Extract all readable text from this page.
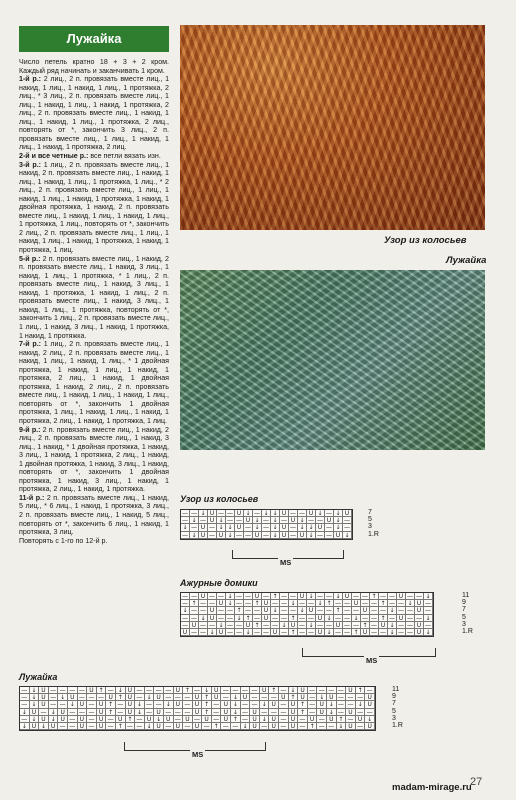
Лужайка

Число петель кратно 18 + 3 + 2 кром. Каждый ряд начинать и заканчивать 1 кром.

1-й р.: 2 лиц., 2 п. провязать вместе лиц., 1 накид, 1 лиц., 1 накид, 1 лиц., 1 протяжка, 2 лиц., * 3 лиц., 2 п. провязать вместе лиц., 1 лиц., 1 накид, 1 лиц., 1 накид, 1 протяжка, 2 лиц., 2 п. провязать вместе лиц., 1 накид, 1 лиц., 1 накид, 1 лиц., 1 протяжка, 2 лиц., повторять от *, закончить 3 лиц., 2 п. провязать вместе лиц., 1 лиц., 1 накид, 1 лиц., 1 накид, 1 протяжка, 2 лиц.

2-й и все четные р.: все петли вязать изн.

3-й р.: 1 лиц., 2 п. провязать вместе лиц., 1 накид, 2 п. провязать вместе лиц., 1 накид, 1 лиц., 1 накид, 1 лиц., 1 протяжка, 1 лиц., * 2 лиц., 2 п. провязать вместе лиц., 1 лиц., 1 накид, 1 лиц., 1 накид, 1 протяжка, 1 накид, 1 двойная протяжка, 1 накид, 2 п. провязать вместе лиц., 1 накид, 1 лиц., 1 накид, 1 лиц., 1 протяжка, 1 лиц., повторять от *, закончить 2 лиц., 2 п. провязать вместе лиц., 1 лиц., 1 накид, 1 лиц., 1 накид, 1 протяжка, 1 накид, 1 протяжка, 1 лиц.

5-й р.: 2 п. провязать вместе лиц., 1 накид, 2 п. провязать вместе лиц., 1 накид, 3 лиц., 1 накид, 1 лиц., 1 протяжка, * 1 лиц., 2 п. провязать вместе лиц., 1 накид, 3 лиц., 1 накид, 1 протяжка, 1 накид, 1 лиц., 2 п. провязать вместе лиц., 1 накид, 3 лиц., 1 накид, 1 лиц., 1 протяжка, повторять от *, закончить 1 лиц., 2 п. провязать вместе лиц., 1 лиц., 1 накид, 3 лиц., 1 накид, 1 протяжка, 1 накид, 1 протяжка.

7-й р.: 1 лиц., 2 п. провязать вместе лиц., 1 накид, 2 лиц., 2 п. провязать вместе лиц., 1 накид, 1 лиц., 1 накид, 1 лиц., * 1 двойная протяжка, 1 накид, 1 лиц., 1 накид, 1 протяжка, 2 лиц., 1 накид, 1 двойная протяжка, 1 накид, 2 лиц., 2 п. провязать вместе лиц., 1 накид, 1 лиц., 1 накид, 1 лиц., повторять от *, закончить 1 двойная протяжка, 1 лиц., 1 накид, 1 лиц., 1 накид, 1 протяжка, 2 лиц., 1 накид, 1 протяжка, 1 лиц.

9-й р.: 2 п. провязать вместе лиц., 1 накид, 2 лиц., 2 п. провязать вместе лиц., 1 накид, 3 лиц., 1 накид, * 1 двойная протяжка, 1 накид, 3 лиц., 1 накид, 1 протяжка, 2 лиц., 1 накид, 1 двойная протяжка, 1 накид, 3 лиц., 1 накид, повторять от *, закончить 1 двойная протяжка, 1 накид, 3 лиц., 1 накид, 1 протяжка, 2 лиц., 1 накид, 1 протяжка.

11-й р.: 2 п. провязать вместе лиц., 1 накид, 5 лиц., * 6 лиц., 1 накид, 1 протяжка, 3 лиц., 2 п. провязать вместе лиц., 1 накид, 5 лиц., повторять от *, закончить 6 лиц., 1 накид, 1 протяжка, 3 лиц.

Повторять с 1-го по 12-й р.

Узор из колосьев
Лужайка
Узор из колосьев
— — ↓ U — — U ↓ — ↓ ↓ U — — U ↓ — ↓ U
— ↓ — U ↓ — — U ↓ — ↓ — U ↓ — — U ↓ —
↓ — U — ↓ ↓ U — ↓ — ↓ U — ↓ ↓ U — ↓ —
— ↓ U — U ↓ — — U — ↓ U — U ↓ — — U ↓
7
5
3
1.R
MS
Ажурные домики
— — U — — ↓ — — U — ↑ — — U ↓ — — ↓ U — — ↑ — — U — — ↓
— ↑ — — U ↓ — — ↑ U — — ↓ — — ↓ ↑ — — U — — ↑ — — ↓ U —
↓ — — U — — ↑ — — U ↓ — — ↓ U — — ↑ — — U — — ↓ — — U —
— — ↓ U — — ↓ ↑ — U — — ↑ — — U ↓ — — ↓ — — ↑ — U — — ↓
— U — — ↓ — — U ↑ — — ↓ U — ↓ — — U — — ↑ — U ↓ — — U —
U — — ↓ U — — ↓ — — U — ↑ — — U ↓ — — ↑ U — — ↓ — — U ↓
11
9
7
5
3
1.R
MS
Лужайка
— ↓ U — — — — U ↑ — ↓ U — — — — U ↑ — ↓ U — — — — U ↑ — ↓ U — — — — U ↑ —
— ↓ U — ↓ U — — — U ↑ U — ↓ U — — — U ↑ U — ↓ U — — — U ↑ U — ↓ U — — — U
— ↓ U — — ↓ U — U ↑ — U ↓ — — ↓ U — U ↑ — U ↓ — — ↓ U — U ↑ — U ↓ — — ↓ U
↓ U — ↓ U — — — U ↑ — U ↓ — U — — — U ↑ — U ↓ — U — — — U ↑ — U ↓ — U — —
— ↓ U ↓ U — U — U — U ↑ — U ↓ U — U — U — U ↑ — U ↓ U — U — U — U ↑ — U ↓
↓ U ↓ U — — U — U — ↑ — — ↓ U — U — U — ↑ — — ↓ U — U — U — ↑ — — ↓ U — U
11
9
7
5
3
1.R
MS
madam-mirage.ru
27
